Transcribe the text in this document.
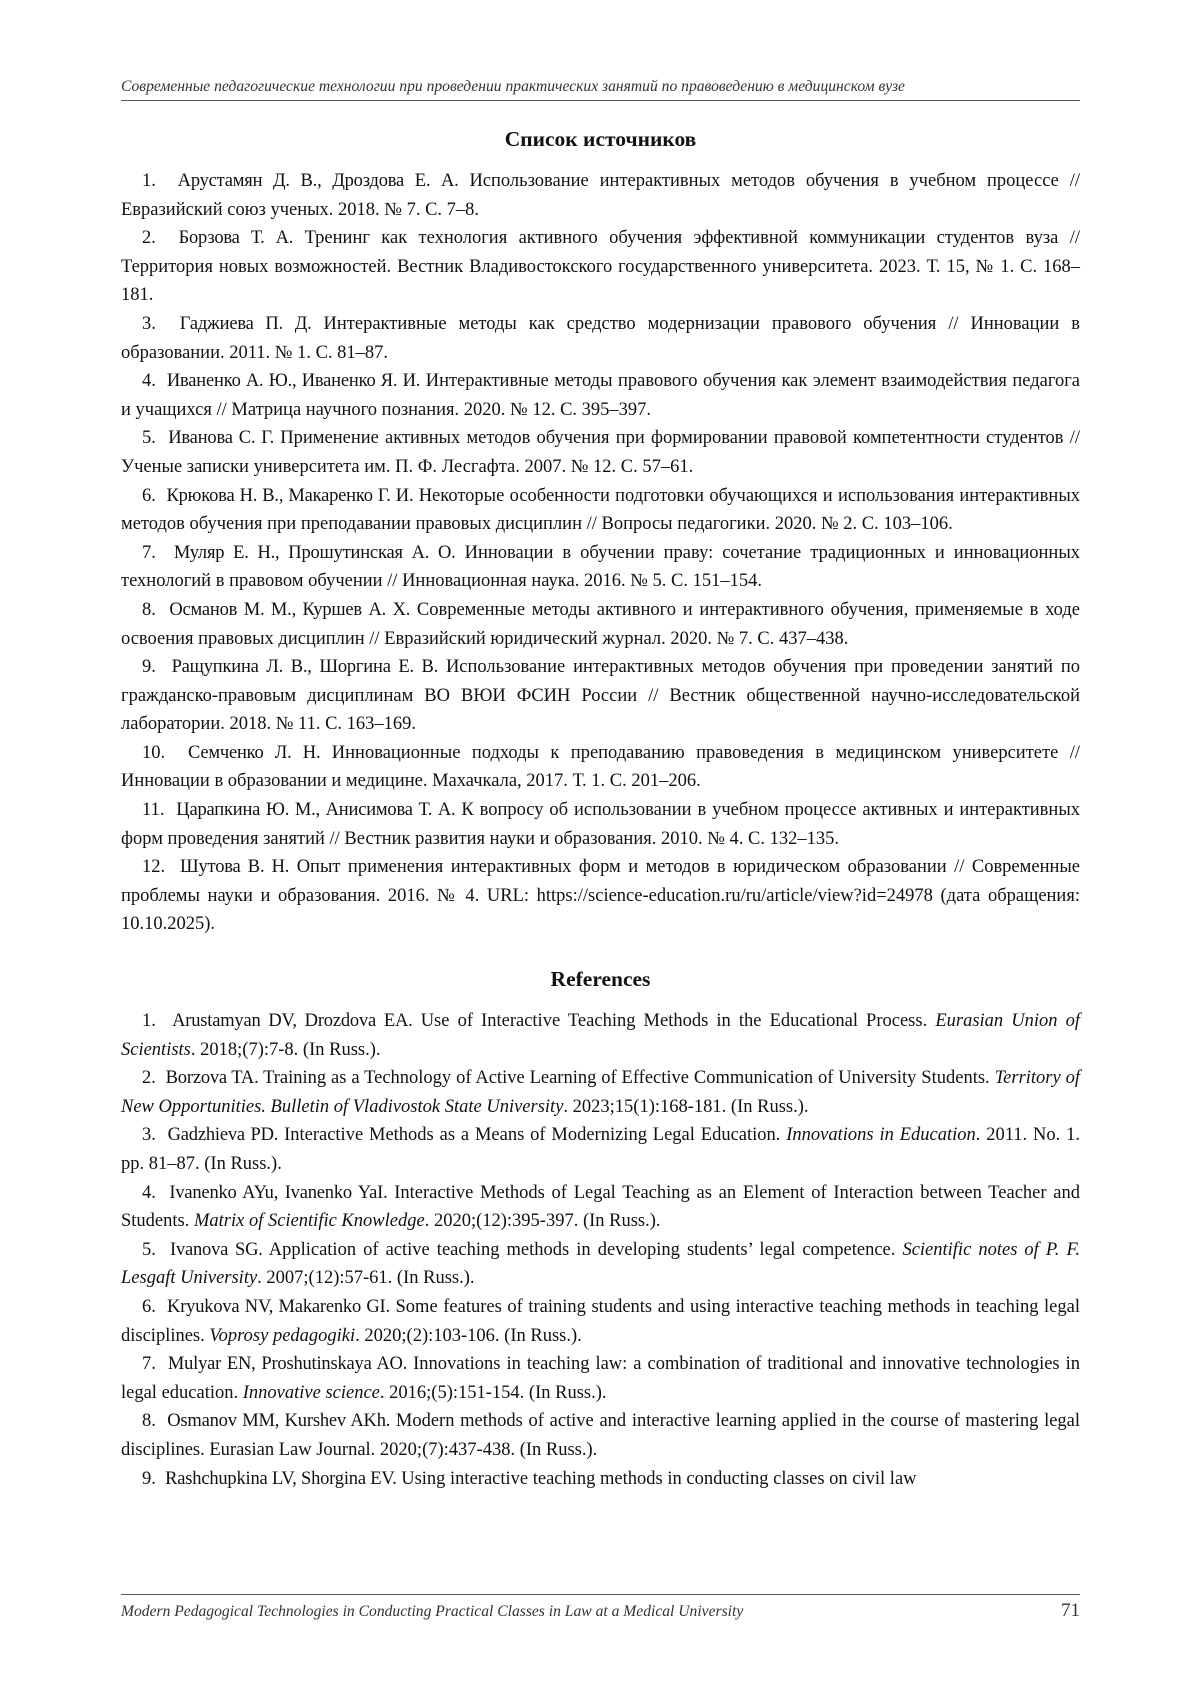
Современные педагогические технологии при проведении практических занятий по правоведению в медицинском вузе
Список источников
1. Арустамян Д. В., Дроздова Е. А. Использование интерактивных методов обучения в учебном процессе // Евразийский союз ученых. 2018. № 7. С. 7–8.
2. Борзова Т. А. Тренинг как технология активного обучения эффективной коммуникации студентов вуза // Территория новых возможностей. Вестник Владивостокского государственного университета. 2023. Т. 15, № 1. С. 168–181.
3. Гаджиева П. Д. Интерактивные методы как средство модернизации правового обучения // Инновации в образовании. 2011. № 1. С. 81–87.
4. Иваненко А. Ю., Иваненко Я. И. Интерактивные методы правового обучения как элемент взаимодействия педагога и учащихся // Матрица научного познания. 2020. № 12. С. 395–397.
5. Иванова С. Г. Применение активных методов обучения при формировании правовой компетентности студентов // Ученые записки университета им. П. Ф. Лесгафта. 2007. № 12. С. 57–61.
6. Крюкова Н. В., Макаренко Г. И. Некоторые особенности подготовки обучающихся и использования интерактивных методов обучения при преподавании правовых дисциплин // Вопросы педагогики. 2020. № 2. С. 103–106.
7. Муляр Е. Н., Прошутинская А. О. Инновации в обучении праву: сочетание традиционных и инновационных технологий в правовом обучении // Инновационная наука. 2016. № 5. С. 151–154.
8. Османов М. М., Куршев А. Х. Современные методы активного и интерактивного обучения, применяемые в ходе освоения правовых дисциплин // Евразийский юридический журнал. 2020. № 7. С. 437–438.
9. Ращупкина Л. В., Шоргина Е. В. Использование интерактивных методов обучения при проведении занятий по гражданско-правовым дисциплинам ВО ВЮИ ФСИН России // Вестник общественной научно-исследовательской лаборатории. 2018. № 11. С. 163–169.
10. Семченко Л. Н. Инновационные подходы к преподаванию правоведения в медицинском университете // Инновации в образовании и медицине. Махачкала, 2017. Т. 1. С. 201–206.
11. Царапкина Ю. М., Анисимова Т. А. К вопросу об использовании в учебном процессе активных и интерактивных форм проведения занятий // Вестник развития науки и образования. 2010. № 4. С. 132–135.
12. Шутова В. Н. Опыт применения интерактивных форм и методов в юридическом образовании // Современные проблемы науки и образования. 2016. № 4. URL: https://science-education.ru/ru/article/view?id=24978 (дата обращения: 10.10.2025).
References
1. Arustamyan DV, Drozdova EA. Use of Interactive Teaching Methods in the Educational Process. Eurasian Union of Scientists. 2018;(7):7-8. (In Russ.).
2. Borzova TA. Training as a Technology of Active Learning of Effective Communication of University Students. Territory of New Opportunities. Bulletin of Vladivostok State University. 2023;15(1):168-181. (In Russ.).
3. Gadzhieva PD. Interactive Methods as a Means of Modernizing Legal Education. Innovations in Education. 2011. No. 1. pp. 81–87. (In Russ.).
4. Ivanenko AYu, Ivanenko YaI. Interactive Methods of Legal Teaching as an Element of Interaction between Teacher and Students. Matrix of Scientific Knowledge. 2020;(12):395-397. (In Russ.).
5. Ivanova SG. Application of active teaching methods in developing students’ legal competence. Scientific notes of P. F. Lesgaft University. 2007;(12):57-61. (In Russ.).
6. Kryukova NV, Makarenko GI. Some features of training students and using interactive teaching methods in teaching legal disciplines. Voprosy pedagogiki. 2020;(2):103-106. (In Russ.).
7. Mulyar EN, Proshutinskaya AO. Innovations in teaching law: a combination of traditional and innovative technologies in legal education. Innovative science. 2016;(5):151-154. (In Russ.).
8. Osmanov MM, Kurshev AKh. Modern methods of active and interactive learning applied in the course of mastering legal disciplines. Eurasian Law Journal. 2020;(7):437-438. (In Russ.).
9. Rashchupkina LV, Shorgina EV. Using interactive teaching methods in conducting classes on civil law
Modern Pedagogical Technologies in Conducting Practical Classes in Law at a Medical University	71
